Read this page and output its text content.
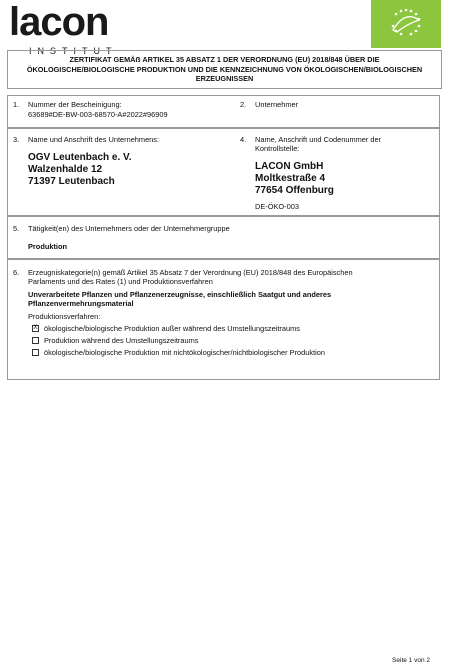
lacon
INSTITUT
ZERTIFIKAT GEMÄẞ ARTIKEL 35 ABSATZ 1 DER VERORDNUNG (EU) 2018/848 ÜBER DIE ÖKOLOGISCHE/BIOLOGISCHE PRODUKTION UND DIE KENNZEICHNUNG VON ÖKOLOGISCHEN/BIOLOGISCHEN ERZEUGNISSEN
1. Nummer der Bescheinigung:
63689#DE-BW-003-68570-A#2022#96909
2. Unternehmer
3. Name und Anschrift des Unternehmens:
OGV Leutenbach e. V.
Walzenhalde 12
71397 Leutenbach
4. Name, Anschrift und Codenummer der
Kontrollstelle:
LACON GmbH
Moltkestraße 4
77654 Offenburg
DE-ÖKO-003
5. Tätigkeit(en) des Unternehmers oder der Unternehmergruppe
Produktion
6. Erzeugniskategorie(n) gemäß Artikel 35 Absatz 7 der Verordnung (EU) 2018/848 des Europäischen
Parlaments und des Rates (1) und Produktionsverfahren
Unverarbeitete Pflanzen und Pflanzenerzeugnisse, einschließlich Saatgut und anderes
Pflanzenvermehrungsmaterial
Produktionsverfahren:
X ökologische/biologische Produktion außer während des Umstellungszeitraums
Produktion während des Umstellungszeitraums
ökologische/biologische Produktion mit nichtökologischer/nichtbiologischer Produktion
Seite 1 von 2
